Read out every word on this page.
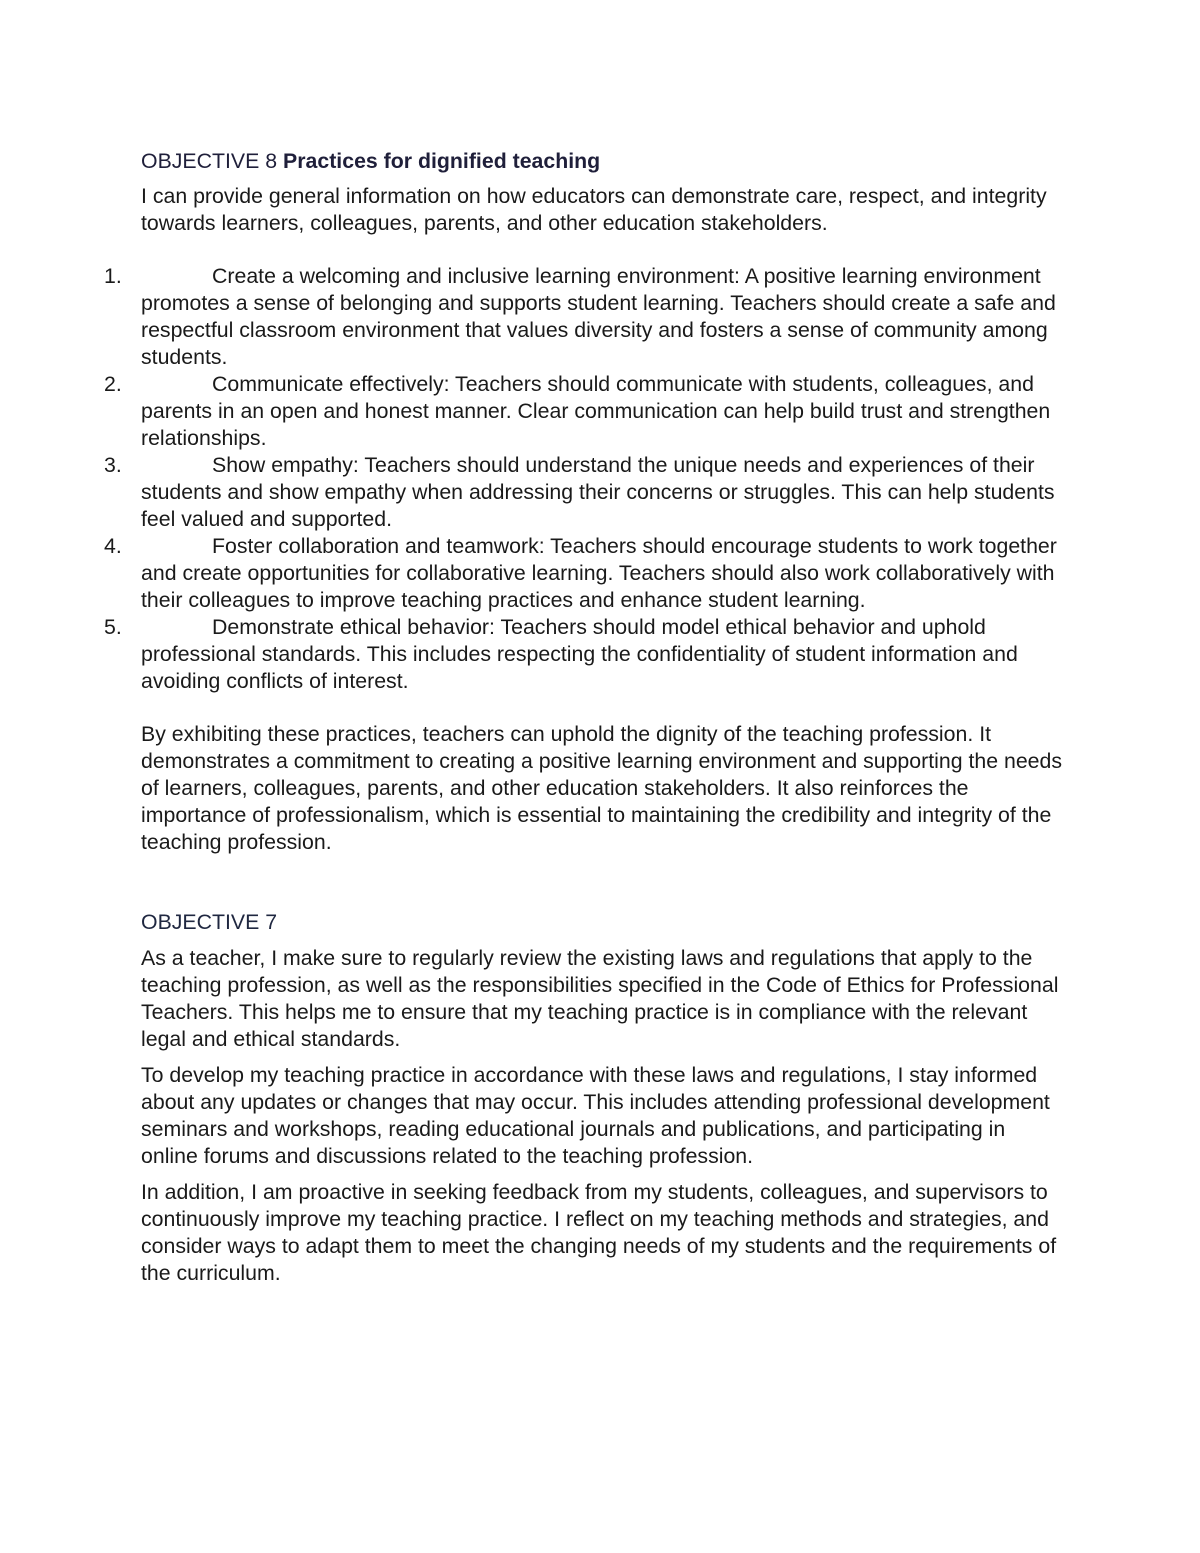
OBJECTIVE 8 Practices for dignified teaching

I can provide general information on how educators can demonstrate care, respect, and integrity towards learners, colleagues, parents, and other education stakeholders.

1.	Create a welcoming and inclusive learning environment: A positive learning environment promotes a sense of belonging and supports student learning. Teachers should create a safe and respectful classroom environment that values diversity and fosters a sense of community among students.
2.	Communicate effectively: Teachers should communicate with students, colleagues, and parents in an open and honest manner. Clear communication can help build trust and strengthen relationships.
3.	Show empathy: Teachers should understand the unique needs and experiences of their students and show empathy when addressing their concerns or struggles. This can help students feel valued and supported.
4.	Foster collaboration and teamwork: Teachers should encourage students to work together and create opportunities for collaborative learning. Teachers should also work collaboratively with their colleagues to improve teaching practices and enhance student learning.
5.	Demonstrate ethical behavior: Teachers should model ethical behavior and uphold professional standards. This includes respecting the confidentiality of student information and avoiding conflicts of interest.

By exhibiting these practices, teachers can uphold the dignity of the teaching profession. It demonstrates a commitment to creating a positive learning environment and supporting the needs of learners, colleagues, parents, and other education stakeholders. It also reinforces the importance of professionalism, which is essential to maintaining the credibility and integrity of the teaching profession.

OBJECTIVE 7

As a teacher, I make sure to regularly review the existing laws and regulations that apply to the teaching profession, as well as the responsibilities specified in the Code of Ethics for Professional Teachers. This helps me to ensure that my teaching practice is in compliance with the relevant legal and ethical standards.

To develop my teaching practice in accordance with these laws and regulations, I stay informed about any updates or changes that may occur. This includes attending professional development seminars and workshops, reading educational journals and publications, and participating in online forums and discussions related to the teaching profession.

In addition, I am proactive in seeking feedback from my students, colleagues, and supervisors to continuously improve my teaching practice. I reflect on my teaching methods and strategies, and consider ways to adapt them to meet the changing needs of my students and the requirements of the curriculum.
